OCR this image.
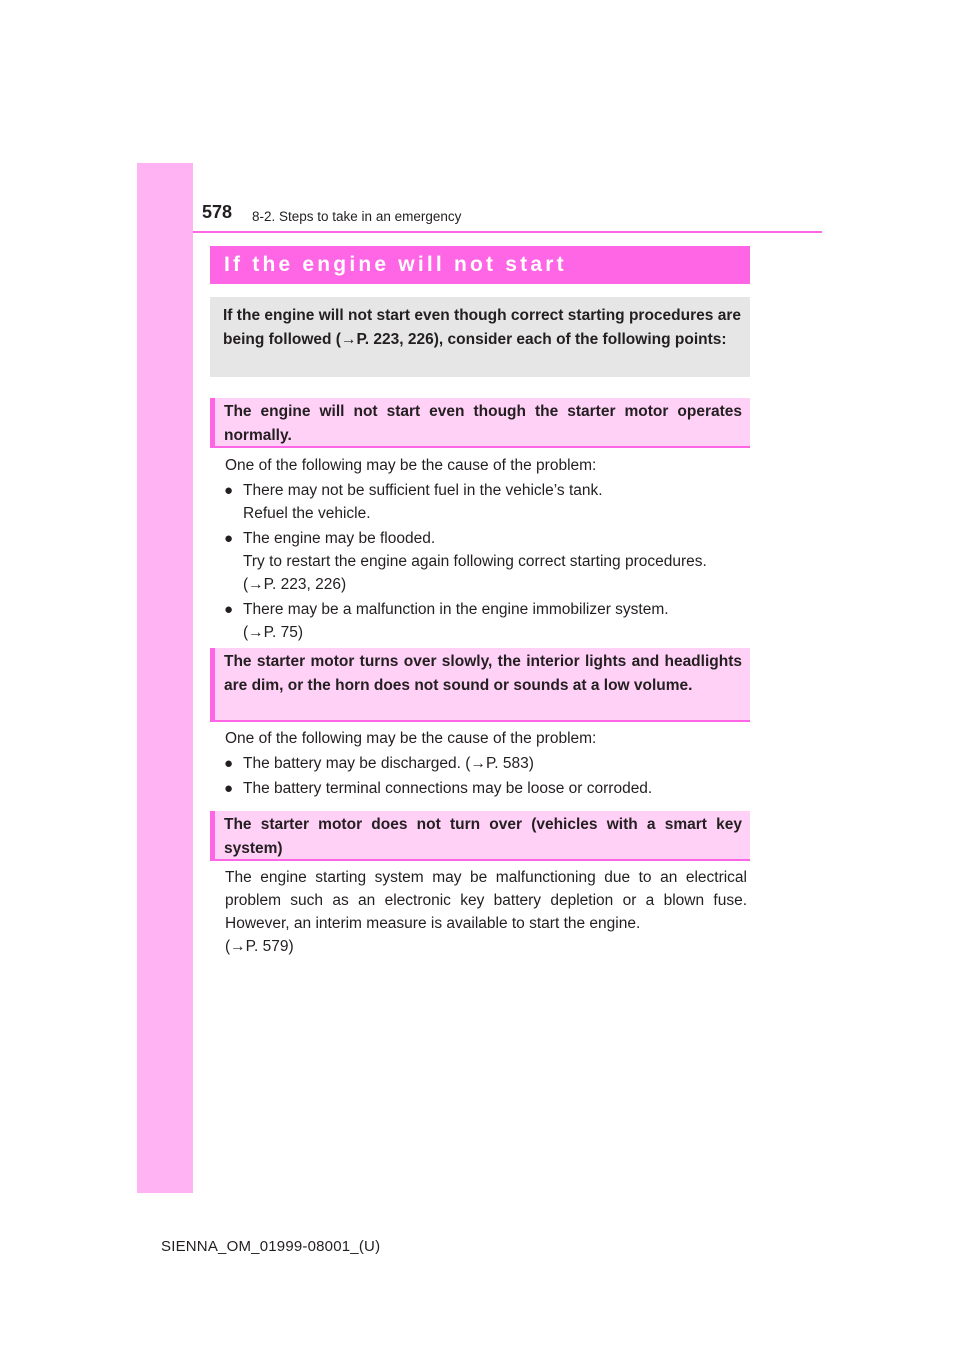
578 8-2. Steps to take in an emergency
If the engine will not start
If the engine will not start even though correct starting procedures are being followed (→P. 223, 226), consider each of the following points:
The engine will not start even though the starter motor operates normally.

One of the following may be the cause of the problem:

● There may not be sufficient fuel in the vehicle’s tank.
Refuel the vehicle.
● The engine may be flooded.
Try to restart the engine again following correct starting procedures.
(→P. 223, 226)
● There may be a malfunction in the engine immobilizer system.
(→P. 75)
The starter motor turns over slowly, the interior lights and headlights are dim, or the horn does not sound or sounds at a low volume.

One of the following may be the cause of the problem:

● The battery may be discharged. (→P. 583)
● The battery terminal connections may be loose or corroded.
The starter motor does not turn over (vehicles with a smart key system)

The engine starting system may be malfunctioning due to an electrical problem such as an electronic key battery depletion or a blown fuse. However, an interim measure is available to start the engine.

(→P. 579)

SIENNA_OM_01999-08001_(U)
